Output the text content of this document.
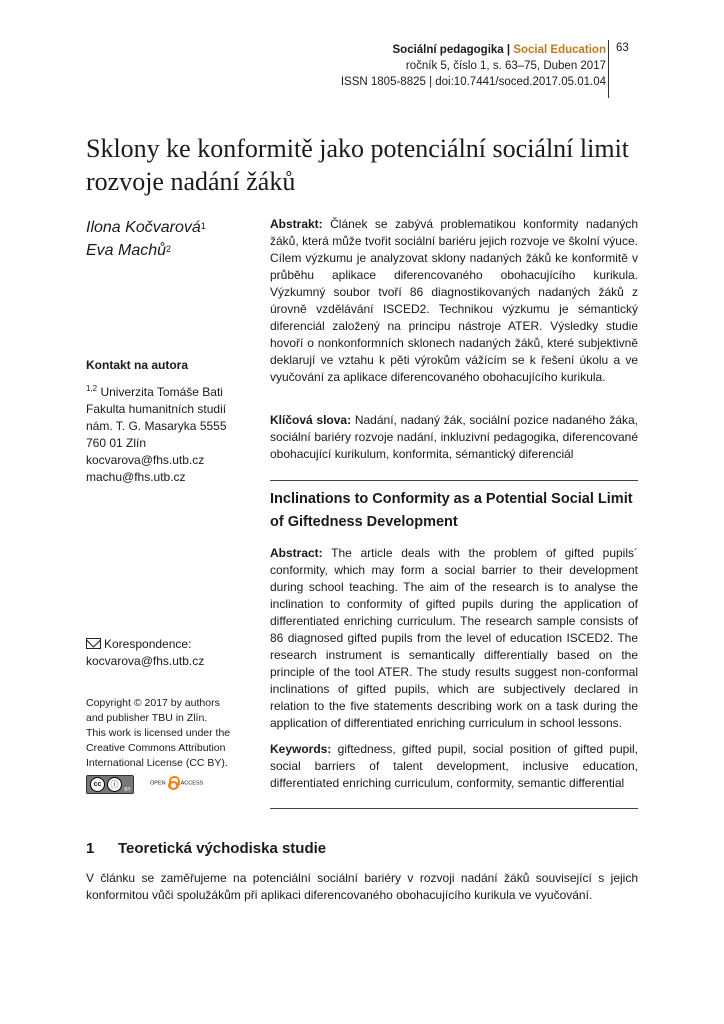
Sociální pedagogika | Social Education
ročník 5, číslo 1, s. 63–75, Duben 2017
ISSN 1805-8825 | doi:10.7441/soced.2017.05.01.04
63
Sklony ke konformitě jako potenciální sociální limit
rozvoje nadání žáků
Ilona Kočvarová$^1$
Eva Machů$^2$
Kontakt na autora
$^{1,2}$ Univerzita Tomáše Bati
Fakulta humanitních studií
nám. T. G. Masaryka 5555
760 01 Zlín
kocvarova@fhs.utb.cz
machu@fhs.utb.cz
Korespondence:
kocvarova@fhs.utb.cz
Copyright © 2017 by authors
and publisher TBU in Zlín.
This work is licensed under the
Creative Commons Attribution
International License (CC BY).
cc	ⓘ
BY
OPEN	ACCESS
Abstrakt: Článek se zabývá problematikou konformity nadaných žáků, která může tvořit sociální bariéru jejich rozvoje ve školní výuce. Cílem výzkumu je analyzovat sklony nadaných žáků ke konformitě v průběhu aplikace diferencovaného obohacujícího kurikula. Výzkumný soubor tvoří 86 diagnostikovaných nadaných žáků z úrovně vzdělávání ISCED2. Technikou výzkumu je sémantický diferenciál založený na principu nástroje ATER. Výsledky studie hovoří o nonkonformních sklonech nadaných žáků, které subjektivně deklarují ve vztahu k pěti výrokům vážícím se k řešení úkolu a ve vyučování za aplikace diferencovaného obohacujícího kurikula.
Klíčová slova: Nadání, nadaný žák, sociální pozice nadaného žáka, sociální bariéry rozvoje nadání, inkluzivní pedagogika, diferencované obohacující kurikulum, konformita, sémantický diferenciál
Inclinations to Conformity as a Potential Social Limit of Giftedness Development
Abstract: The article deals with the problem of gifted pupils´ conformity, which may form a social barrier to their development during school teaching. The aim of the research is to analyse the inclination to conformity of gifted pupils during the application of differentiated enriching curriculum. The research sample consists of 86 diagnosed gifted pupils from the level of education ISCED2. The research instrument is semantically differentially based on the principle of the tool ATER. The study results suggest non-conformal inclinations of gifted pupils, which are subjectively declared in relation to the five statements describing work on a task during the application of differentiated enriching curriculum in school lessons.
Keywords: giftedness, gifted pupil, social position of gifted pupil, social barriers of talent development, inclusive education, differentiated enriching curriculum, conformity, semantic differential
1 Teoretická východiska studie
V článku se zaměřujeme na potenciální sociální bariéry v rozvoji nadání žáků související s jejich konformitou vůči spolužákům při aplikaci diferencovaného obohacujícího kurikula ve vyučování.
